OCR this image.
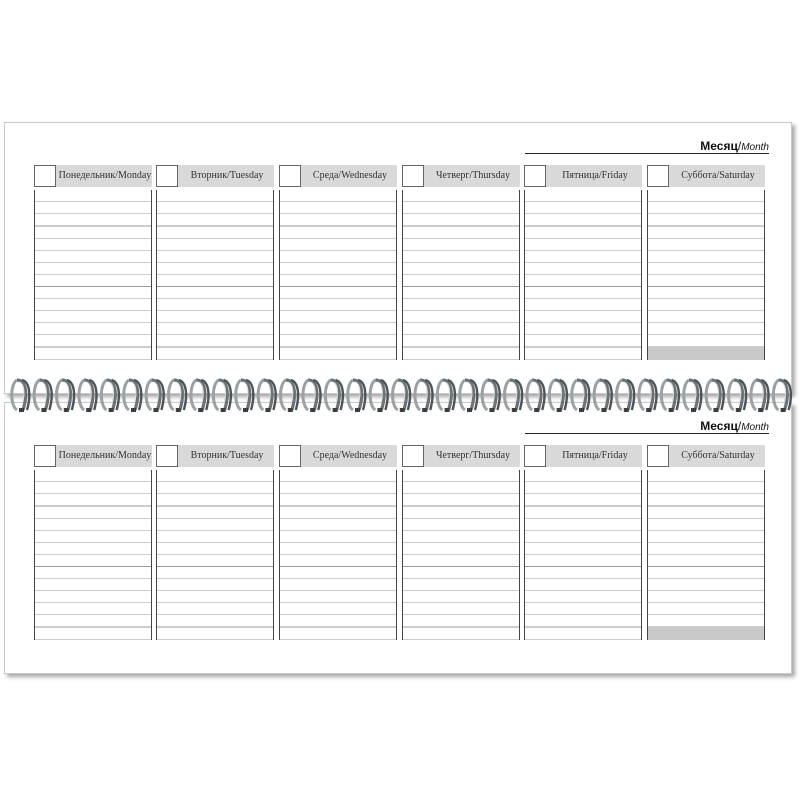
Месяц/Month
Понедельник/Monday	Вторник/Tuesday	Среда/Wednesday	Четверг/Thursday	Пятница/Friday	Суббота/Saturday
Месяц/Month
Понедельник/Monday	Вторник/Tuesday	Среда/Wednesday	Четверг/Thursday	Пятница/Friday	Суббота/Saturday
